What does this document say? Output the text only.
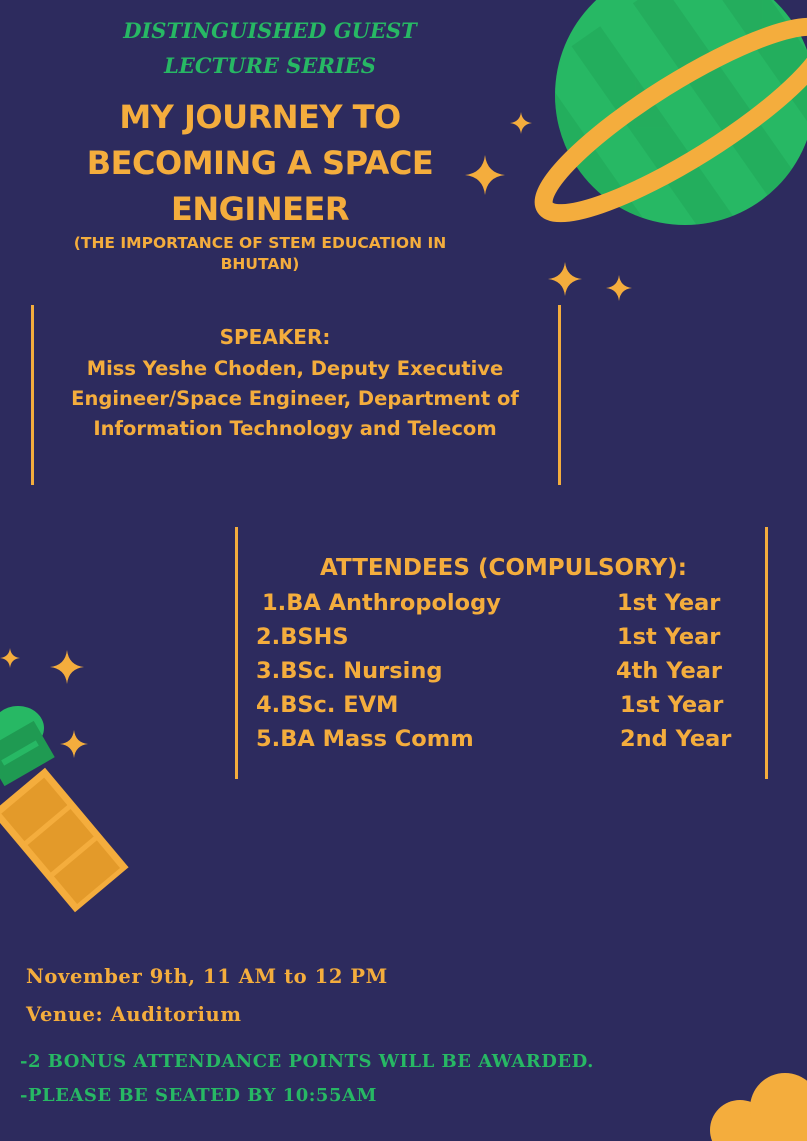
DISTINGUISHED GUEST
LECTURE SERIES
MY JOURNEY TO
BECOMING A SPACE
ENGINEER
(THE IMPORTANCE OF STEM EDUCATION IN
BHUTAN)
SPEAKER:
Miss Yeshe Choden, Deputy Executive
Engineer/Space Engineer, Department of
Information Technology and Telecom
ATTENDEES (COMPULSORY):
1.BA Anthropology	1st Year
2.BSHS	1st Year
3.BSc. Nursing	4th Year
4.BSc. EVM	1st Year
5.BA Mass Comm	2nd Year
November 9th, 11 AM to 12 PM
Venue: Auditorium
-2 BONUS ATTENDANCE POINTS WILL BE AWARDED.
-PLEASE BE SEATED BY 10:55AM
